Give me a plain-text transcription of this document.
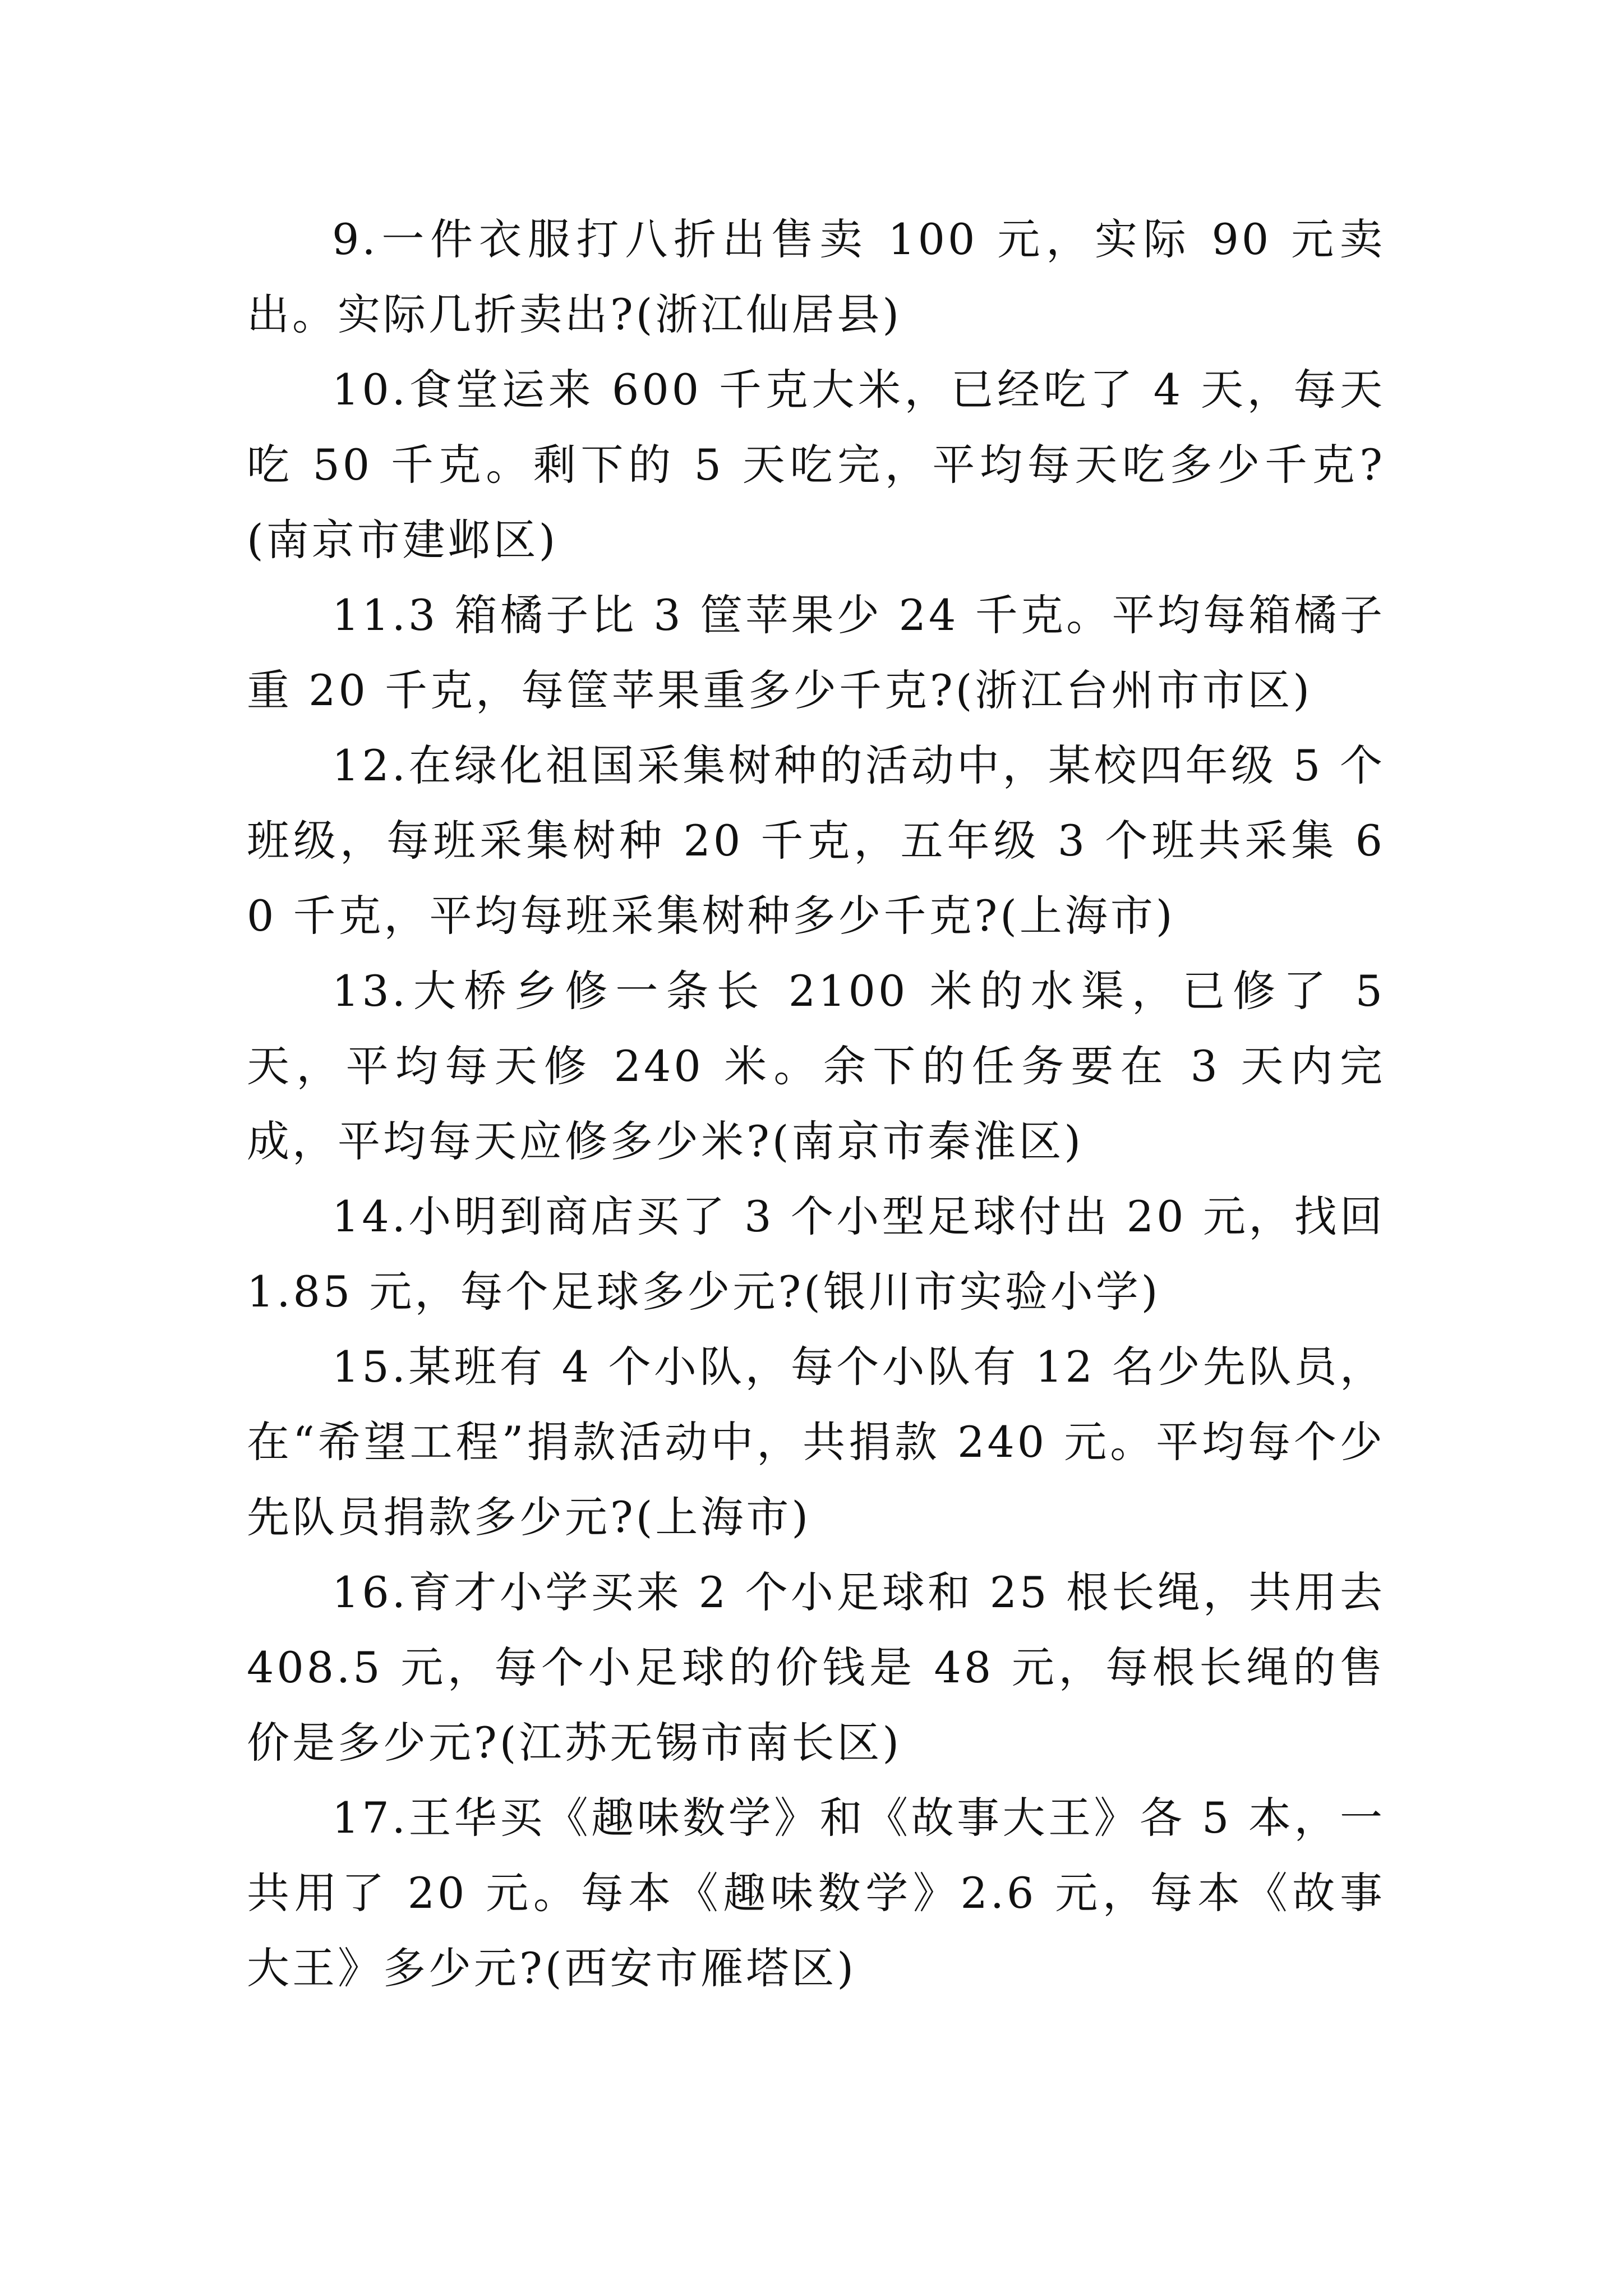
9.一件衣服打八折出售卖 100 元，实际 90 元卖出。实际几折卖出?(浙江仙居县)

10.食堂运来 600 千克大米，已经吃了 4 天，每天吃 50 千克。剩下的 5 天吃完，平均每天吃多少千克?(南京市建邺区)

11.3 箱橘子比 3 筐苹果少 24 千克。平均每箱橘子重 20 千克，每筐苹果重多少千克?(浙江台州市市区)

12.在绿化祖国采集树种的活动中，某校四年级 5 个班级，每班采集树种 20 千克，五年级 3 个班共采集 60 千克，平均每班采集树种多少千克?(上海市)

13.大桥乡修一条长 2100 米的水渠，已修了 5 天，平均每天修 240 米。余下的任务要在 3 天内完成，平均每天应修多少米?(南京市秦淮区)

14.小明到商店买了 3 个小型足球付出 20 元，找回 1.85 元，每个足球多少元?(银川市实验小学)

15.某班有 4 个小队，每个小队有 12 名少先队员，在“希望工程”捐款活动中，共捐款 240 元。平均每个少先队员捐款多少元?(上海市)

16.育才小学买来 2 个小足球和 25 根长绳，共用去 408.5 元，每个小足球的价钱是 48 元，每根长绳的售价是多少元?(江苏无锡市南长区)

17.王华买《趣味数学》和《故事大王》各 5 本，一共用了 20 元。每本《趣味数学》2.6 元，每本《故事大王》多少元?(西安市雁塔区)
